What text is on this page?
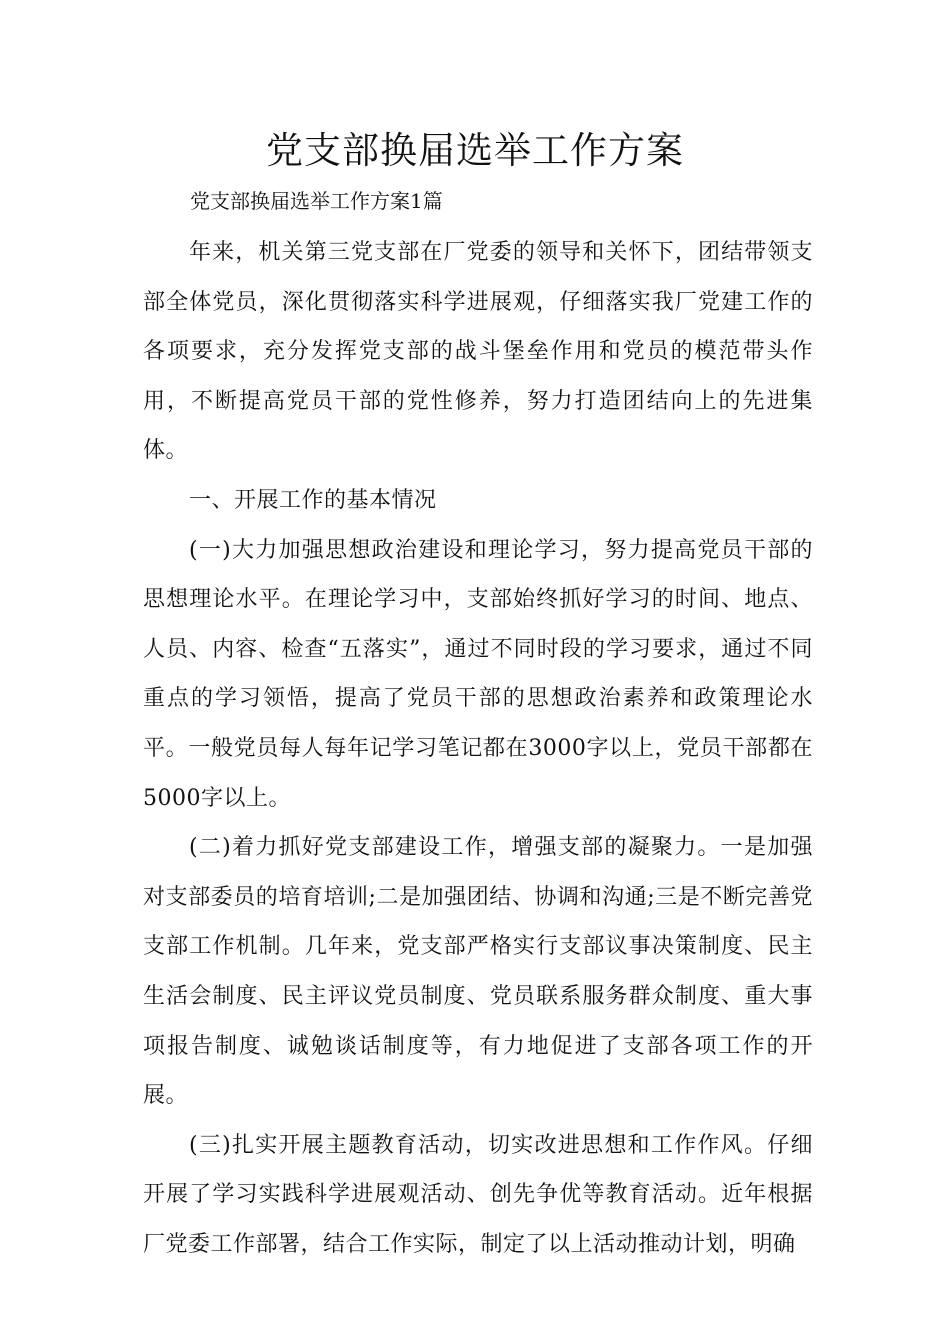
党支部换届选举工作方案

党支部换届选举工作方案1篇

年来，机关第三党支部在厂党委的领导和关怀下，团结带领支部全体党员，深化贯彻落实科学进展观，仔细落实我厂党建工作的各项要求，充分发挥党支部的战斗堡垒作用和党员的模范带头作用，不断提高党员干部的党性修养，努力打造团结向上的先进集体。

一、开展工作的基本情况

(一)大力加强思想政治建设和理论学习，努力提高党员干部的思想理论水平。在理论学习中，支部始终抓好学习的时间、地点、人员、内容、检查“五落实”，通过不同时段的学习要求，通过不同重点的学习领悟，提高了党员干部的思想政治素养和政策理论水平。一般党员每人每年记学习笔记都在3000字以上，党员干部都在5000字以上。

(二)着力抓好党支部建设工作，增强支部的凝聚力。一是加强对支部委员的培育培训;二是加强团结、协调和沟通;三是不断完善党支部工作机制。几年来，党支部严格实行支部议事决策制度、民主生活会制度、民主评议党员制度、党员联系服务群众制度、重大事项报告制度、诚勉谈话制度等，有力地促进了支部各项工作的开展。

(三)扎实开展主题教育活动，切实改进思想和工作作风。仔细开展了学习实践科学进展观活动、创先争优等教育活动。近年根据厂党委工作部署，结合工作实际，制定了以上活动推动计划，明确
